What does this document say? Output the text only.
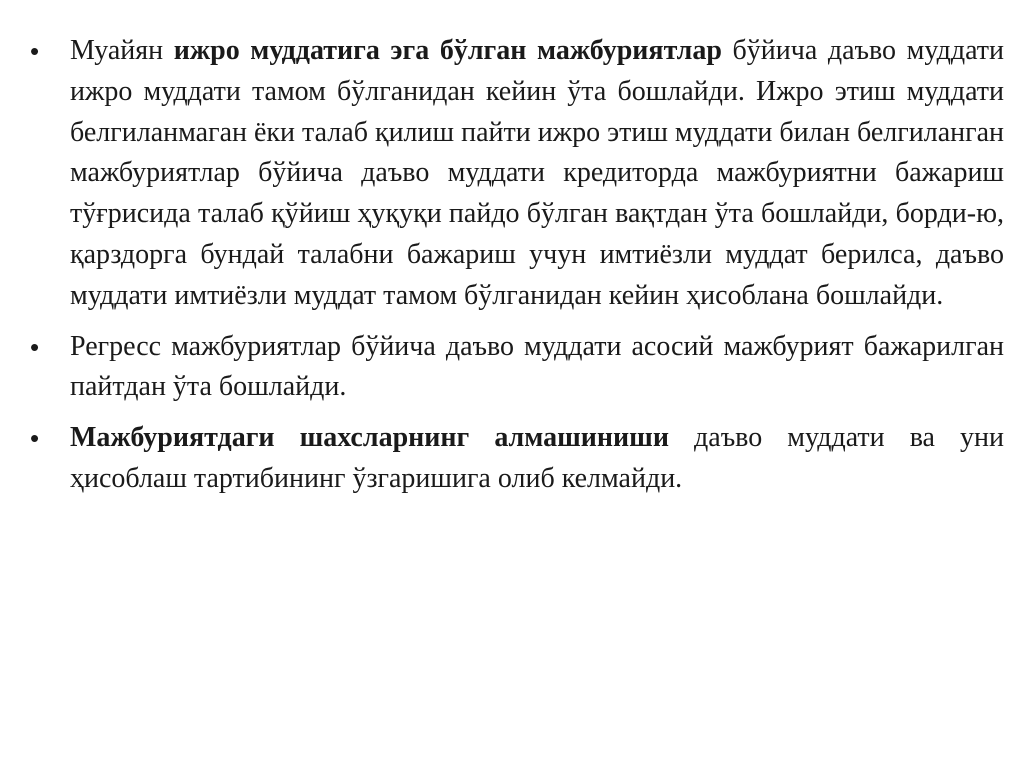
•	Муайян ижро муддатига эга бўлган мажбуриятлар бўйича даъво муддати ижро муддати тамом бўлганидан кейин ўта бошлайди. Ижро этиш муддати белгиланмаган ёки талаб қилиш пайти ижро этиш муддати билан белгиланган мажбуриятлар бўйича даъво муддати кредиторда мажбуриятни бажариш тўғрисида талаб қўйиш ҳуқуқи пайдо бўлган вақтдан ўта бошлайди, борди-ю, қарздорга бундай талабни бажариш учун имтиёзли муддат берилса, даъво муддати имтиёзли муддат тамом бўлганидан кейин ҳисоблана бошлайди.
•	Регресс мажбуриятлар бўйича даъво муддати асосий мажбурият бажарилган пайтдан ўта бошлайди.
•	Мажбуриятдаги шахсларнинг алмашиниши даъво муддати ва уни ҳисоблаш тартибининг ўзгаришига олиб келмайди.
